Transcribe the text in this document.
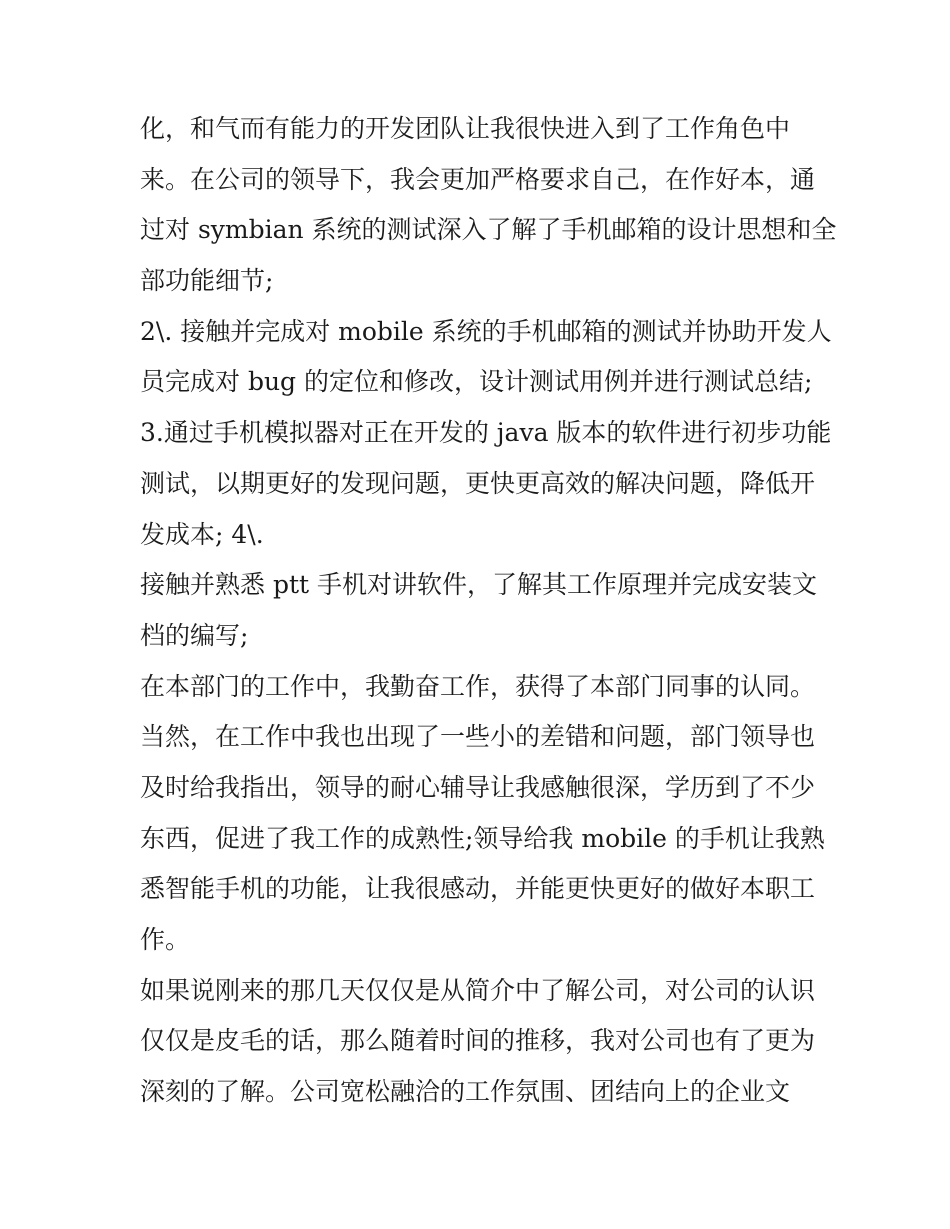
化，和气而有能力的开发团队让我很快进入到了工作角色中
来。在公司的领导下，我会更加严格要求自己，在作好本，通
过对 symbian 系统的测试深入了解了手机邮箱的设计思想和全
部功能细节;
2\. 接触并完成对 mobile 系统的手机邮箱的测试并协助开发人
员完成对 bug 的定位和修改，设计测试用例并进行测试总结;
3.通过手机模拟器对正在开发的 java 版本的软件进行初步功能
测试，以期更好的发现问题，更快更高效的解决问题，降低开
发成本; 4\.
接触并熟悉 ptt 手机对讲软件，了解其工作原理并完成安装文
档的编写;
在本部门的工作中，我勤奋工作，获得了本部门同事的认同。
当然，在工作中我也出现了一些小的差错和问题，部门领导也
及时给我指出，领导的耐心辅导让我感触很深，学历到了不少
东西，促进了我工作的成熟性;领导给我 mobile 的手机让我熟
悉智能手机的功能，让我很感动，并能更快更好的做好本职工
作。
如果说刚来的那几天仅仅是从简介中了解公司，对公司的认识
仅仅是皮毛的话，那么随着时间的推移，我对公司也有了更为
深刻的了解。公司宽松融洽的工作氛围、团结向上的企业文
